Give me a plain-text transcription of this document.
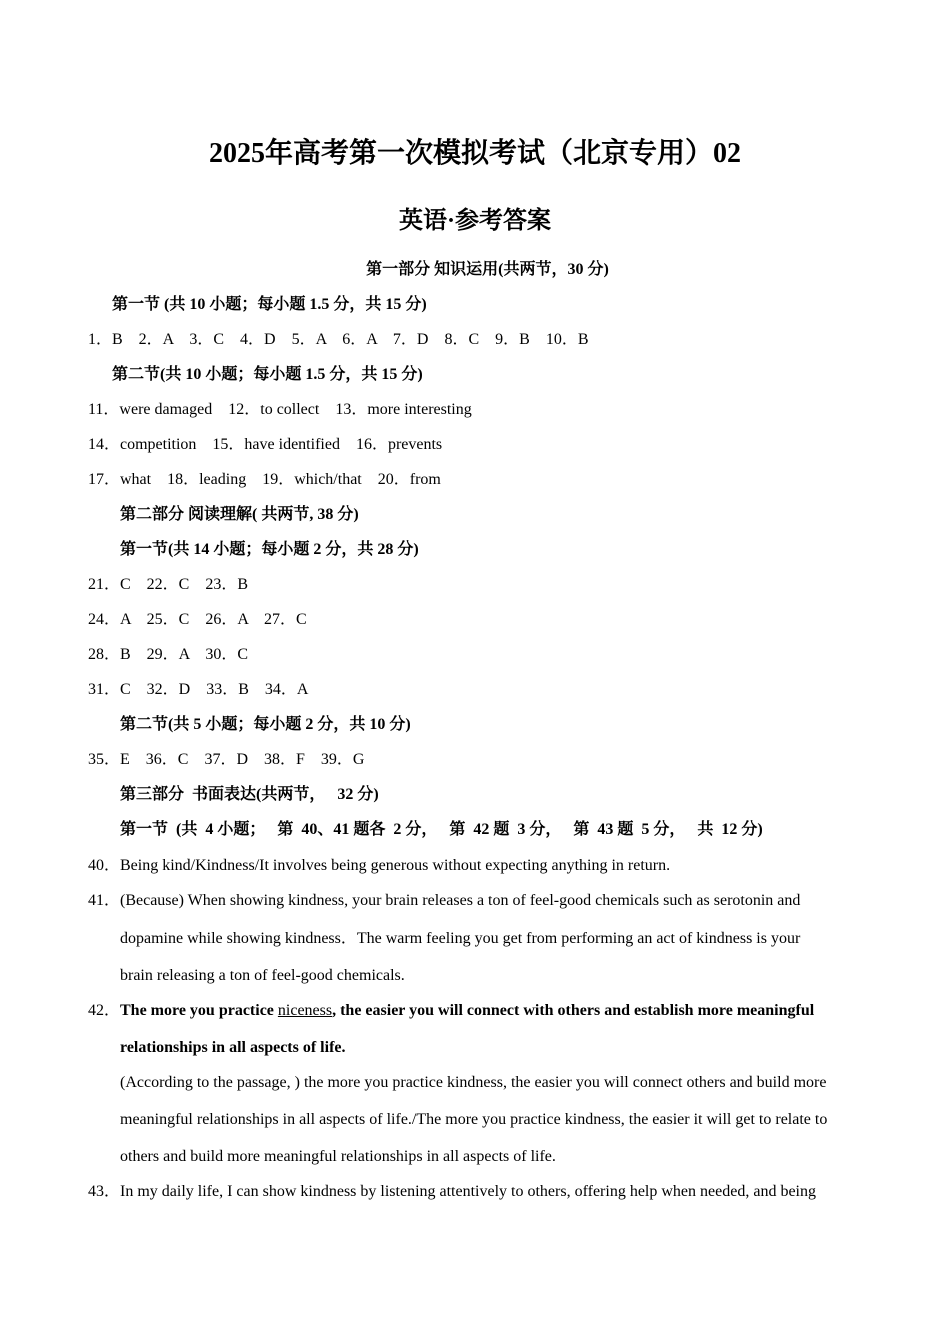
2025年高考第一次模拟考试（北京专用）02
英语·参考答案
第一部分 知识运用(共两节，30 分)
第一节 (共 10 小题；每小题 1.5 分，共 15 分)
1．B    2．A    3．C    4．D    5．A    6．A    7．D    8．C    9．B    10．B
第二节(共 10 小题；每小题 1.5 分，共 15 分)
11．were damaged    12．to collect    13．more interesting
14．competition    15．have identified    16．prevents
17．what    18．leading    19．which/that    20．from
第二部分 阅读理解( 共两节, 38 分)
第一节(共 14 小题；每小题 2 分，共 28 分)
21．C    22．C    23．B
24．A    25．C    26．A    27．C
28．B    29．A    30．C
31．C    32．D    33．B    34．A
第二节(共 5 小题；每小题 2 分，共 10 分)
35．E    36．C    37．D    38．F    39．G
第三部分  书面表达(共两节，   32 分)
第一节  (共  4 小题；   第  40、41 题各  2 分，   第  42 题  3 分，   第  43 题  5 分，   共  12 分)
40． Being kind/Kindness/It involves being generous without expecting anything in return.
41． (Because) When showing kindness, your brain releases a ton of feel-good chemicals such as serotonin and
dopamine while showing kindness．The warm feeling you get from performing an act of kindness is your
brain releasing a ton of feel-good chemicals.
42． The more you practice niceness, the easier you will connect with others and establish more meaningful
relationships in all aspects of life.
(According to the passage, ) the more you practice kindness, the easier you will connect others and build more
meaningful relationships in all aspects of life./The more you practice kindness, the easier it will get to relate to
others and build more meaningful relationships in all aspects of life.
43． In my daily life, I can show kindness by listening attentively to others, offering help when needed, and being
